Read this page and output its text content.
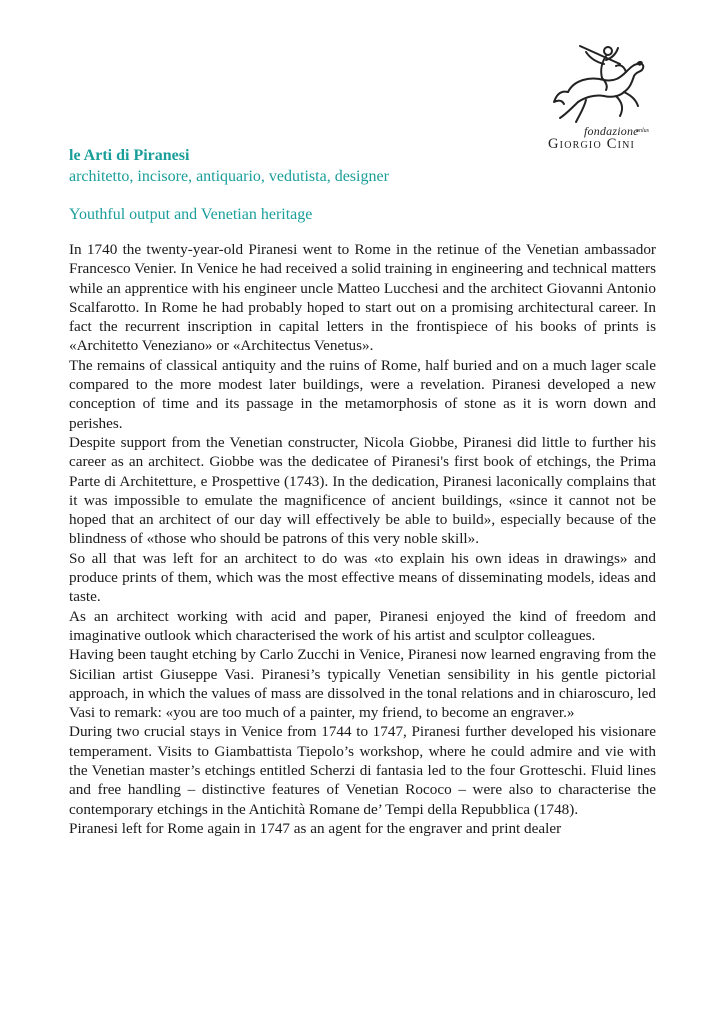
fondazione
onlus
Giorgio Cini
le Arti di Piranesi
architetto, incisore, antiquario, vedutista, designer
Youthful output and Venetian heritage

In 1740 the twenty-year-old Piranesi went to Rome in the retinue of the Venetian ambassador Francesco Venier. In Venice he had received a solid training in engineering and technical matters while an apprentice with his engineer uncle Matteo Lucchesi and the architect Giovanni Antonio Scalfarotto. In Rome he had probably hoped to start out on a promising architectural career. In fact the recurrent inscription in capital letters in the frontispiece of his books of prints is «Architetto Veneziano» or «Architectus Venetus».

The remains of classical antiquity and the ruins of Rome, half buried and on a much lager scale compared to the more modest later buildings, were a revelation. Piranesi developed a new conception of time and its passage in the metamorphosis of stone as it is worn down and perishes.

Despite support from the Venetian constructer, Nicola Giobbe, Piranesi did little to further his career as an architect. Giobbe was the dedicatee of Piranesi's first book of etchings, the Prima Parte di Architetture, e Prospettive (1743). In the dedication, Piranesi laconically complains that it was impossible to emulate the magnificence of ancient buildings, «since it cannot not be hoped that an architect of our day will effectively be able to build», especially because of the blindness of «those who should be patrons of this very noble skill».

So all that was left for an architect to do was «to explain his own ideas in drawings» and produce prints of them, which was the most effective means of disseminating models, ideas and taste.

As an architect working with acid and paper, Piranesi enjoyed the kind of freedom and imaginative outlook which characterised the work of his artist and sculptor colleagues.

Having been taught etching by Carlo Zucchi in Venice, Piranesi now learned engraving from the Sicilian artist Giuseppe Vasi. Piranesi’s typically Venetian sensibility in his gentle pictorial approach, in which the values of mass are dissolved in the tonal relations and in chiaroscuro, led Vasi to remark: «you are too much of a painter, my friend, to become an engraver.»

During two crucial stays in Venice from 1744 to 1747, Piranesi further developed his visionare temperament. Visits to Giambattista Tiepolo’s workshop, where he could admire and vie with the Venetian master’s etchings entitled Scherzi di fantasia led to the four Grotteschi. Fluid lines and free handling – distinctive features of Venetian Rococo – were also to characterise the contemporary etchings in the Antichità Romane de’ Tempi della Repubblica (1748).

Piranesi left for Rome again in 1747 as an agent for the engraver and print dealer
